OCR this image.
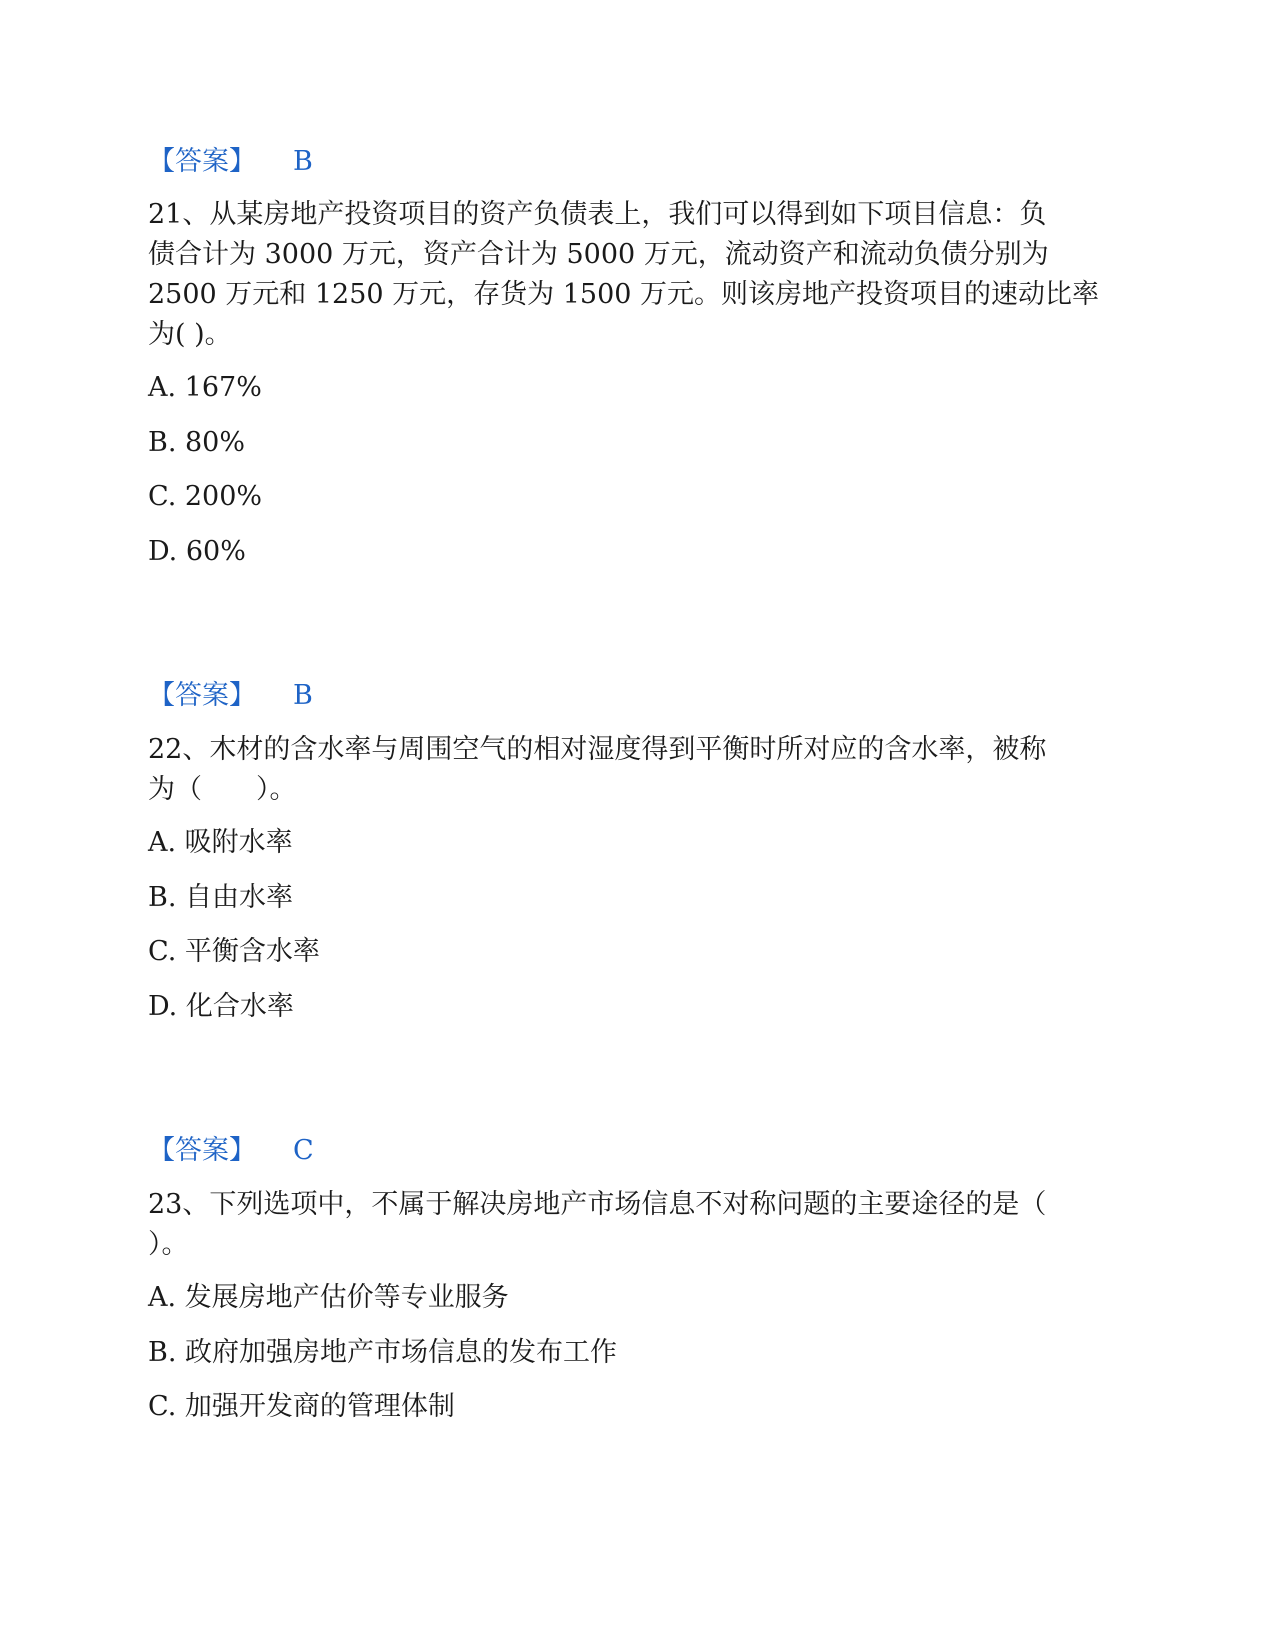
【答案】 B
21、从某房地产投资项目的资产负债表上，我们可以得到如下项目信息：负
债合计为 3000 万元，资产合计为 5000 万元，流动资产和流动负债分别为
2500 万元和 1250 万元，存货为 1500 万元。则该房地产投资项目的速动比率
为( )。
A. 167%
B. 80%
C. 200%
D. 60%
【答案】 B
22、木材的含水率与周围空气的相对湿度得到平衡时所对应的含水率，被称
为（　　）。
A. 吸附水率
B. 自由水率
C. 平衡含水率
D. 化合水率
【答案】 C
23、下列选项中，不属于解决房地产市场信息不对称问题的主要途径的是（
）。
A. 发展房地产估价等专业服务
B. 政府加强房地产市场信息的发布工作
C. 加强开发商的管理体制
